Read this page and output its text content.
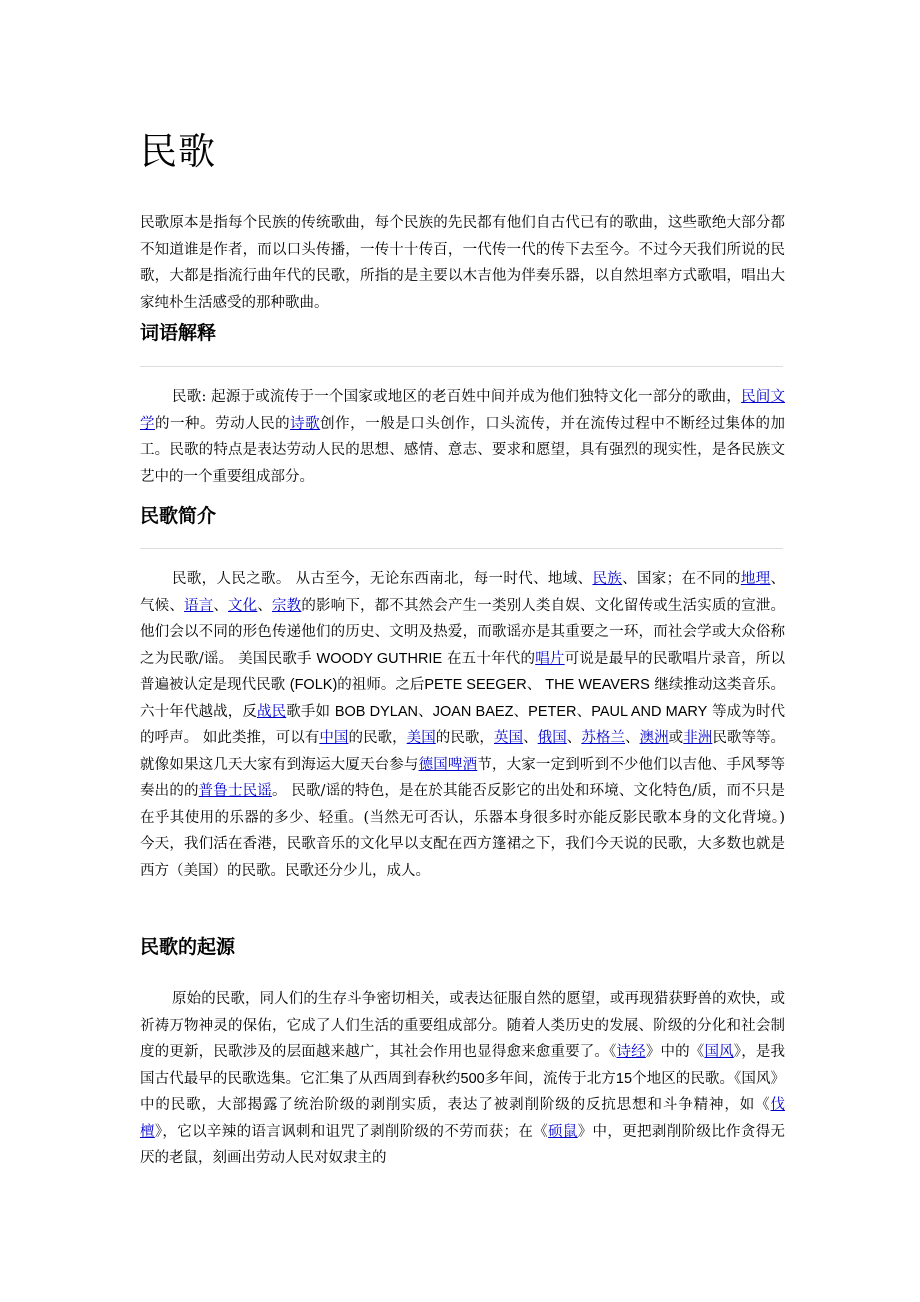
民歌

民歌原本是指每个民族的传统歌曲，每个民族的先民都有他们自古代已有的歌曲，这些歌绝大部分都不知道谁是作者，而以口头传播，一传十十传百，一代传一代的传下去至今。不过今天我们所说的民歌，大都是指流行曲年代的民歌，所指的是主要以木吉他为伴奏乐器，以自然坦率方式歌唱，唱出大家纯朴生活感受的那种歌曲。

词语解释

民歌: 起源于或流传于一个国家或地区的老百姓中间并成为他们独特文化一部分的歌曲，民间文学的一种。劳动人民的诗歌创作，一般是口头创作，口头流传，并在流传过程中不断经过集体的加工。民歌的特点是表达劳动人民的思想、感情、意志、要求和愿望，具有强烈的现实性，是各民族文艺中的一个重要组成部分。

民歌简介

民歌，人民之歌。 从古至今，无论东西南北，每一时代、地域、民族、国家；在不同的地理、气候、语言、文化、宗教的影响下，都不其然会产生一类别人类自娱、文化留传或生活实质的宣泄。 他们会以不同的形色传递他们的历史、文明及热爱，而歌谣亦是其重要之一环，而社会学或大众俗称之为民歌/谣。 美国民歌手 WOODY GUTHRIE 在五十年代的唱片可说是最早的民歌唱片录音，所以普遍被认定是现代民歌 (FOLK)的祖师。之后PETE SEEGER、 THE WEAVERS 继续推动这类音乐。六十年代越战，反战民歌手如 BOB DYLAN、JOAN BAEZ、PETER、PAUL AND MARY 等成为时代的呼声。 如此类推，可以有中国的民歌，美国的民歌，英国、俄国、苏格兰、澳洲或非洲民歌等等。就像如果这几天大家有到海运大厦天台参与德国啤酒节，大家一定到听到不少他们以吉他、手风琴等奏出的的普鲁士民谣。 民歌/谣的特色，是在於其能否反影它的出处和环境、文化特色/质，而不只是在乎其使用的乐器的多少、轻重。(当然无可否认，乐器本身很多时亦能反影民歌本身的文化背境。) 今天，我们活在香港，民歌音乐的文化早以支配在西方篷裙之下，我们今天说的民歌，大多数也就是西方（美国）的民歌。民歌还分少儿，成人。

民歌的起源

原始的民歌，同人们的生存斗争密切相关，或表达征服自然的愿望，或再现猎获野兽的欢快，或祈祷万物神灵的保佑，它成了人们生活的重要组成部分。随着人类历史的发展、阶级的分化和社会制度的更新，民歌涉及的层面越来越广，其社会作用也显得愈来愈重要了。《诗经》中的《国风》，是我国古代最早的民歌选集。它汇集了从西周到春秋约500多年间，流传于北方15个地区的民歌。《国风》中的民歌，大部揭露了统治阶级的剥削实质，表达了被剥削阶级的反抗思想和斗争精神，如《伐檀》，它以辛辣的语言讽刺和诅咒了剥削阶级的不劳而获；在《硕鼠》中，更把剥削阶级比作贪得无厌的老鼠，刻画出劳动人民对奴隶主的
